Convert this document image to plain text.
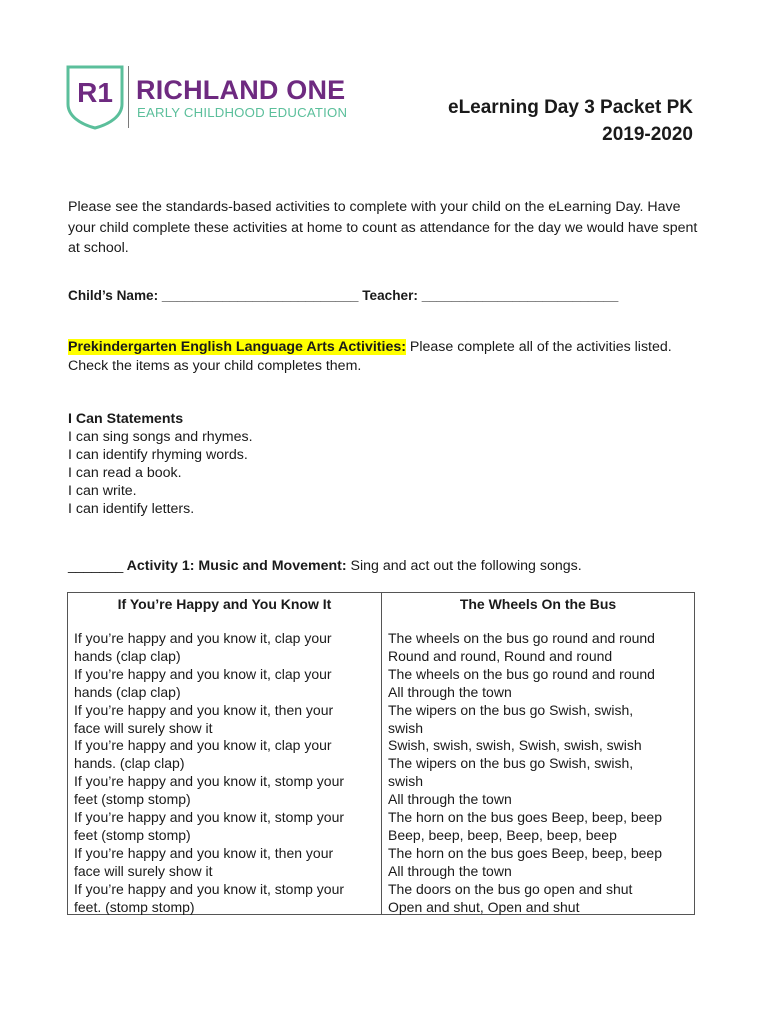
R1 RICHLAND ONE
EARLY CHILDHOOD EDUCATION	eLearning Day 3 Packet PK
2019-2020
Please see the standards-based activities to complete with your child on the eLearning Day. Have your child complete these activities at home to count as attendance for the day we would have spent at school.
Child’s Name: __________________________ Teacher: __________________________
Prekindergarten English Language Arts Activities: Please complete all of the activities listed. Check the items as your child completes them.
I Can Statements
I can sing songs and rhymes.
I can identify rhyming words.
I can read a book.
I can write.
I can identify letters.
_______ Activity 1: Music and Movement: Sing and act out the following songs.
If You’re Happy and You Know It
If you’re happy and you know it, clap your
hands (clap clap)
If you’re happy and you know it, clap your
hands (clap clap)
If you’re happy and you know it, then your
face will surely show it
If you’re happy and you know it, clap your
hands. (clap clap)
If you’re happy and you know it, stomp your
feet (stomp stomp)
If you’re happy and you know it, stomp your
feet (stomp stomp)
If you’re happy and you know it, then your
face will surely show it
If you’re happy and you know it, stomp your
feet. (stomp stomp)
The Wheels On the Bus
The wheels on the bus go round and round
Round and round, Round and round
The wheels on the bus go round and round
All through the town
The wipers on the bus go Swish, swish,
swish
Swish, swish, swish, Swish, swish, swish
The wipers on the bus go Swish, swish,
swish
All through the town
The horn on the bus goes Beep, beep, beep
Beep, beep, beep, Beep, beep, beep
The horn on the bus goes Beep, beep, beep
All through the town
The doors on the bus go open and shut
Open and shut, Open and shut
